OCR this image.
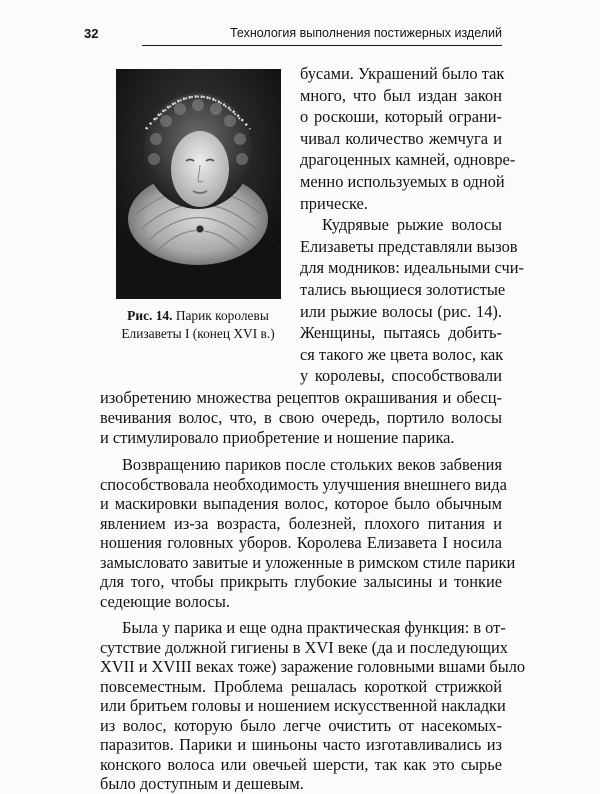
32	Технология выполнения постижерных изделий
Рис. 14. Парик королевы
Елизаветы I (конец XVI в.)
бусами. Украшений было так
много, что был издан закон
о роскоши, который ограни-
чивал количество жемчуга и
драгоценных камней, одновре-
менно используемых в одной
прическе.
Кудрявые рыжие волосы
Елизаветы представляли вызов
для модников: идеальными счи-
тались вьющиеся золотистые
или рыжие волосы (рис. 14).
Женщины, пытаясь добить-
ся такого же цвета волос, как
у королевы, способствовали
изобретению множества рецептов окрашивания и обесц-
вечивания волос, что, в свою очередь, портило волосы
и стимулировало приобретение и ношение парика.
Возвращению париков после стольких веков забвения
способствовала необходимость улучшения внешнего вида
и маскировки выпадения волос, которое было обычным
явлением из-за возраста, болезней, плохого питания и
ношения головных уборов. Королева Елизавета I носила
замысловато завитые и уложенные в римском стиле парики
для того, чтобы прикрыть глубокие залысины и тонкие
седеющие волосы.
Была у парика и еще одна практическая функция: в от-
сутствие должной гигиены в XVI веке (да и последующих
XVII и XVIII веках тоже) заражение головными вшами было
повсеместным. Проблема решалась короткой стрижкой
или бритьем головы и ношением искусственной накладки
из волос, которую было легче очистить от насекомых-
паразитов. Парики и шиньоны часто изготавливались из
конского волоса или овечьей шерсти, так как это сырье
было доступным и дешевым.
